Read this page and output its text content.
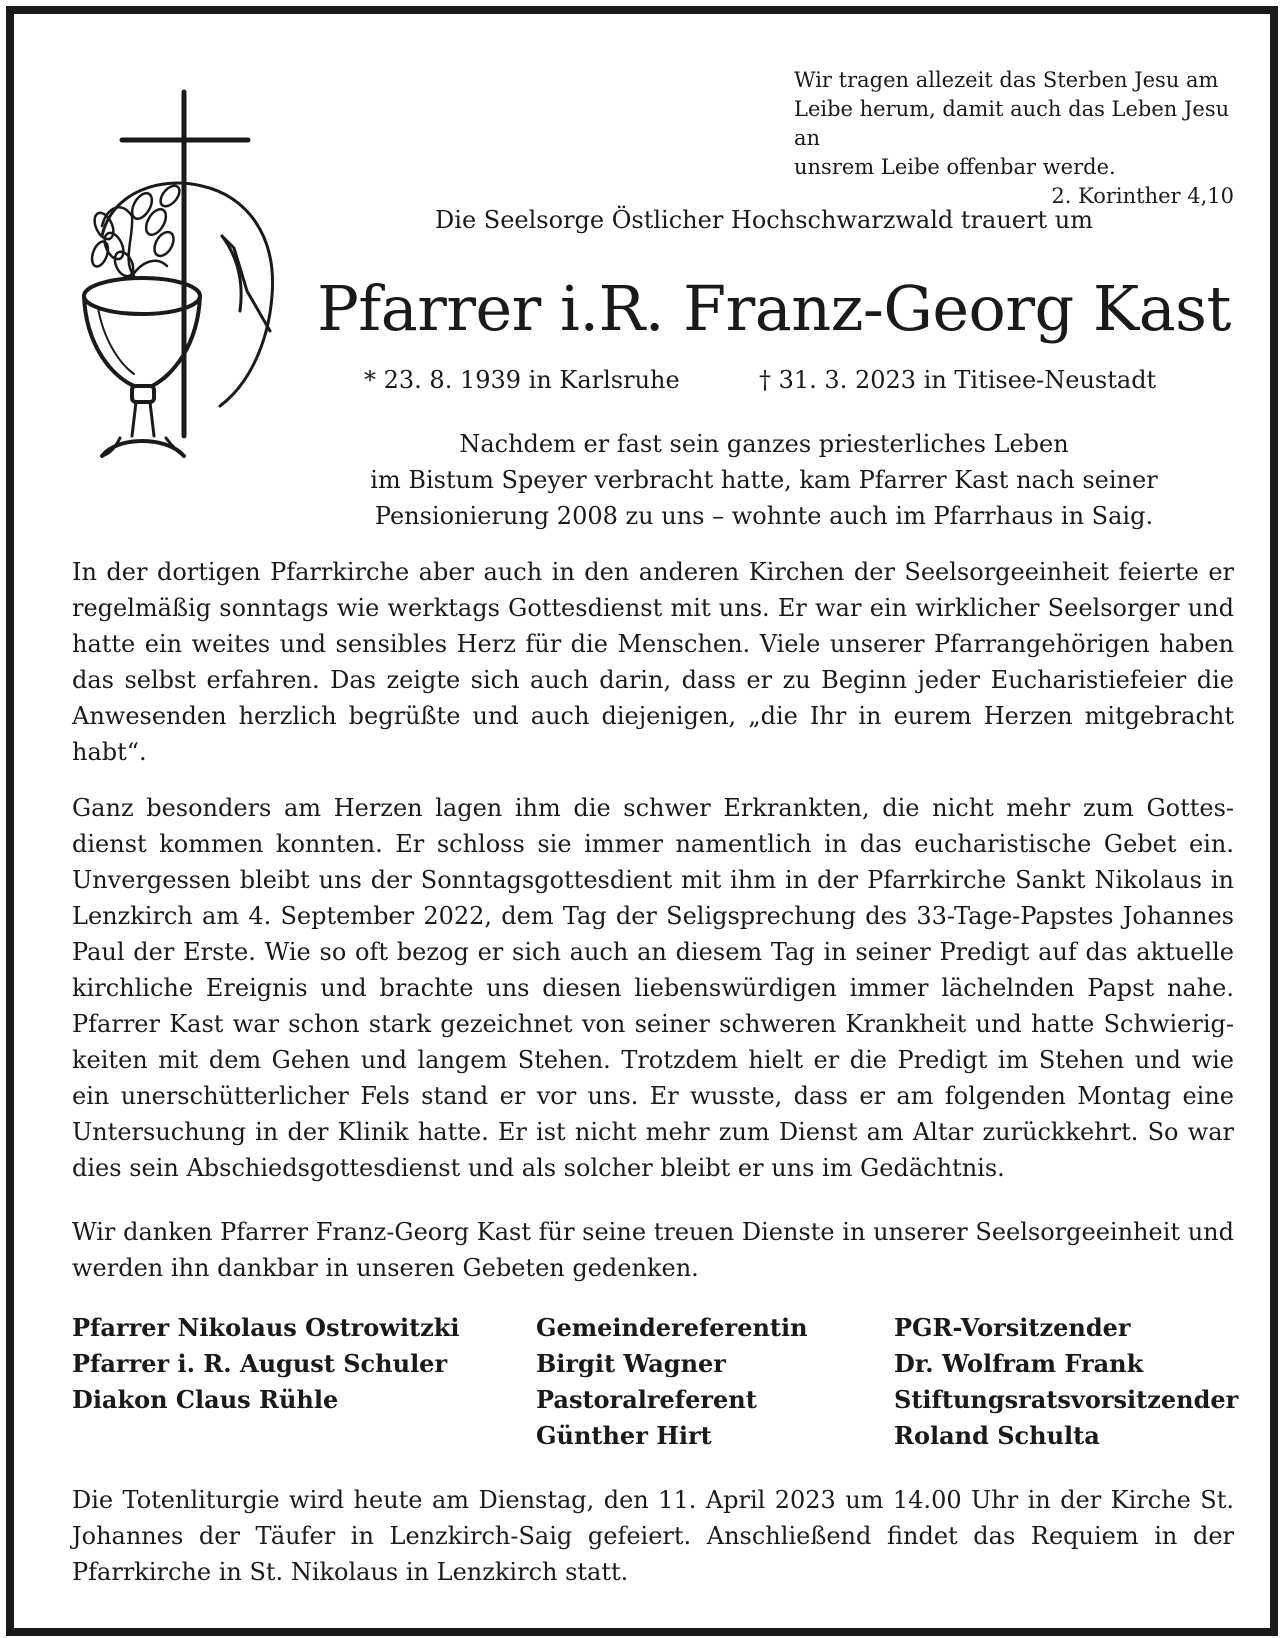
Wir tragen allezeit das Sterben Jesu am
Leibe herum, damit auch das Leben Jesu an
unsrem Leibe offenbar werde.
2. Korinther 4,10
Die Seelsorge Östlicher Hochschwarzwald trauert um
Pfarrer i.R. Franz-Georg Kast
* 23. 8. 1939 in Karlsruhe	† 31. 3. 2023 in Titisee-Neustadt
Nachdem er fast sein ganzes priesterliches Leben
im Bistum Speyer verbracht hatte, kam Pfarrer Kast nach seiner
Pensionierung 2008 zu uns – wohnte auch im Pfarrhaus in Saig.
In der dortigen Pfarrkirche aber auch in den anderen Kirchen der Seelsorgeeinheit feierte er regelmäßig sonntags wie werktags Gottesdienst mit uns. Er war ein wirklicher Seelsorger und hatte ein weites und sensibles Herz für die Menschen. Viele unserer Pfarrangehörigen haben das selbst erfahren. Das zeigte sich auch darin, dass er zu Beginn jeder Eucharistiefeier die Anwesenden herzlich begrüßte und auch diejenigen, „die Ihr in eurem Herzen mitgebracht habt“.
Ganz besonders am Herzen lagen ihm die schwer Erkrankten, die nicht mehr zum Gottes-dienst kommen konnten. Er schloss sie immer namentlich in das eucharistische Gebet ein. Unvergessen bleibt uns der Sonntagsgottesdient mit ihm in der Pfarrkirche Sankt Nikolaus in Lenzkirch am 4. September 2022, dem Tag der Seligsprechung des 33-Tage-Papstes Johannes Paul der Erste. Wie so oft bezog er sich auch an diesem Tag in seiner Predigt auf das aktuelle kirchliche Ereignis und brachte uns diesen liebenswürdigen immer lächelnden Papst nahe. Pfarrer Kast war schon stark gezeichnet von seiner schweren Krankheit und hatte Schwierig-keiten mit dem Gehen und langem Stehen. Trotzdem hielt er die Predigt im Stehen und wie ein unerschütterlicher Fels stand er vor uns. Er wusste, dass er am folgenden Montag eine Untersuchung in der Klinik hatte. Er ist nicht mehr zum Dienst am Altar zurückkehrt. So war dies sein Abschiedsgottesdienst und als solcher bleibt er uns im Gedächtnis.
Wir danken Pfarrer Franz-Georg Kast für seine treuen Dienste in unserer Seelsorgeeinheit und werden ihn dankbar in unseren Gebeten gedenken.
Pfarrer Nikolaus Ostrowitzki
Pfarrer i. R. August Schuler
Diakon Claus Rühle
Gemeindereferentin
Birgit Wagner
Pastoralreferent
Günther Hirt
PGR-Vorsitzender
Dr. Wolfram Frank
Stiftungsratsvorsitzender
Roland Schulta
Die Totenliturgie wird heute am Dienstag, den 11. April 2023 um 14.00 Uhr in der Kirche St. Johannes der Täufer in Lenzkirch-Saig gefeiert. Anschließend findet das Requiem in der Pfarrkirche in St. Nikolaus in Lenzkirch statt.
